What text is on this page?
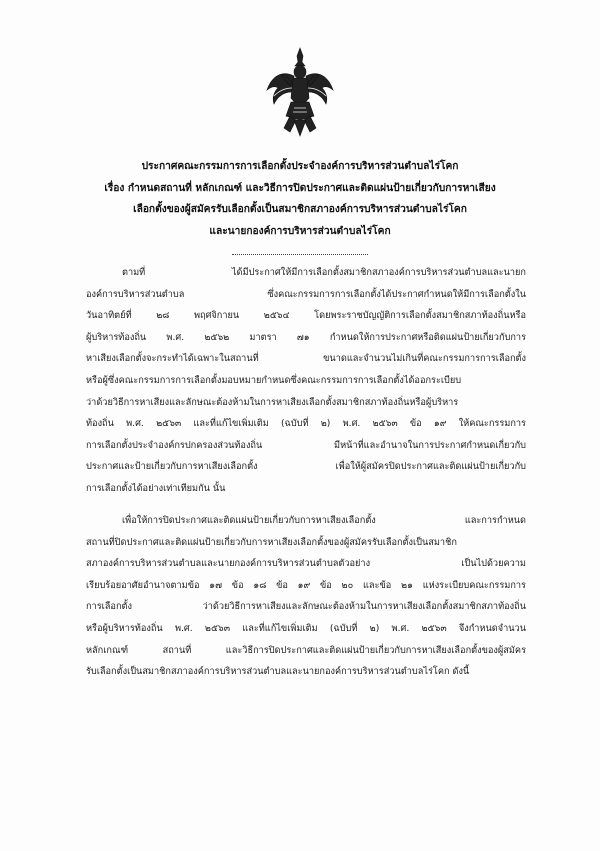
ประกาศคณะกรรมการการเลือกตั้งประจำองค์การบริหารส่วนตำบลไร่โคก
เรื่อง กำหนดสถานที่ หลักเกณฑ์ และวิธีการปิดประกาศและติดแผ่นป้ายเกี่ยวกับการหาเสียง
เลือกตั้งของผู้สมัครรับเลือกตั้งเป็นสมาชิกสภาองค์การบริหารส่วนตำบลไร่โคก
และนายกองค์การบริหารส่วนตำบลไร่โคก
ตามที่ ได้มีประกาศให้มีการเลือกตั้งสมาชิกสภาองค์การบริหารส่วนตำบลและนายก
องค์การบริหารส่วนตำบล ซึ่งคณะกรรมการการเลือกตั้งได้ประกาศกำหนดให้มีการเลือกตั้งใน
วันอาทิตย์ที่ ๒๘ พฤศจิกายน ๒๕๖๔ โดยพระราชบัญญัติการเลือกตั้งสมาชิกสภาท้องถิ่นหรือ
ผู้บริหารท้องถิ่น พ.ศ. ๒๕๖๒ มาตรา ๗๑ กำหนดให้การประกาศหรือติดแผ่นป้ายเกี่ยวกับการ
หาเสียงเลือกตั้งจะกระทำได้เฉพาะในสถานที่ ขนาดและจำนวนไม่เกินที่คณะกรรมการการเลือกตั้ง
หรือผู้ซึ่งคณะกรรมการการเลือกตั้งมอบหมายกำหนดซึ่งคณะกรรมการการเลือกตั้งได้ออกระเบียบ
ว่าด้วยวิธีการหาเสียงและลักษณะต้องห้ามในการหาเสียงเลือกตั้งสมาชิกสภาท้องถิ่นหรือผู้บริหาร
ท้องถิ่น พ.ศ. ๒๕๖๓ และที่แก้ไขเพิ่มเติม (ฉบับที่ ๒) พ.ศ. ๒๕๖๓ ข้อ ๑๙ ให้คณะกรรมการ
การเลือกตั้งประจำองค์กรปกครองส่วนท้องถิ่น มีหน้าที่และอำนาจในการประกาศกำหนดเกี่ยวกับ
ประกาศและป้ายเกี่ยวกับการหาเสียงเลือกตั้ง เพื่อให้ผู้สมัครปิดประกาศและติดแผ่นป้ายเกี่ยวกับ
การเลือกตั้งได้อย่างเท่าเทียมกัน นั้น
เพื่อให้การปิดประกาศและติดแผ่นป้ายเกี่ยวกับการหาเสียงเลือกตั้ง และการกำหนด
สถานที่ปิดประกาศและติดแผ่นป้ายเกี่ยวกับการหาเสียงเลือกตั้งของผู้สมัครรับเลือกตั้งเป็นสมาชิก
สภาองค์การบริหารส่วนตำบลและนายกองค์การบริหารส่วนตำบลตัวอย่าง เป็นไปด้วยความ
เรียบร้อยอาศัยอำนาจตามข้อ ๑๗ ข้อ ๑๘ ข้อ ๑๙ ข้อ ๒๐ และข้อ ๒๑ แห่งระเบียบคณะกรรมการ
การเลือกตั้ง ว่าด้วยวิธีการหาเสียงและลักษณะต้องห้ามในการหาเสียงเลือกตั้งสมาชิกสภาท้องถิ่น
หรือผู้บริหารท้องถิ่น พ.ศ. ๒๕๖๓ และที่แก้ไขเพิ่มเติม (ฉบับที่ ๒) พ.ศ. ๒๕๖๓ จึงกำหนดจำนวน
หลักเกณฑ์ สถานที่ และวิธีการปิดประกาศและติดแผ่นป้ายเกี่ยวกับการหาเสียงเลือกตั้งของผู้สมัคร
รับเลือกตั้งเป็นสมาชิกสภาองค์การบริหารส่วนตำบลและนายกองค์การบริหารส่วนตำบลไร่โคก ดังนี้
